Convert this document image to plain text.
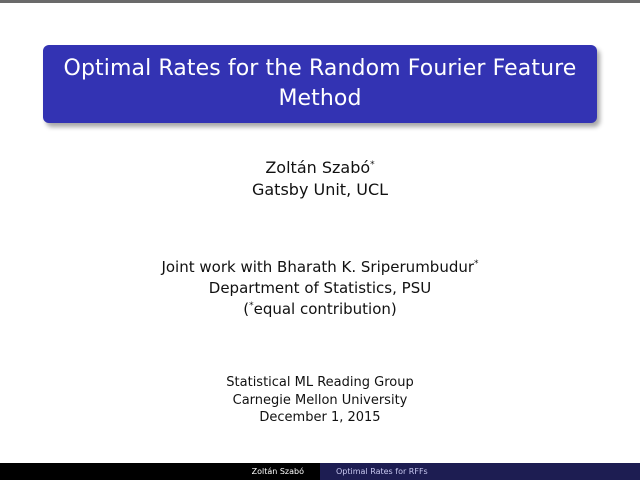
Optimal Rates for the Random Fourier Feature
Method
Zoltán Szabó*
Gatsby Unit, UCL
Joint work with Bharath K. Sriperumbudur*
Department of Statistics, PSU
(*equal contribution)
Statistical ML Reading Group
Carnegie Mellon University
December 1, 2015
Zoltán Szabó	Optimal Rates for RFFs
